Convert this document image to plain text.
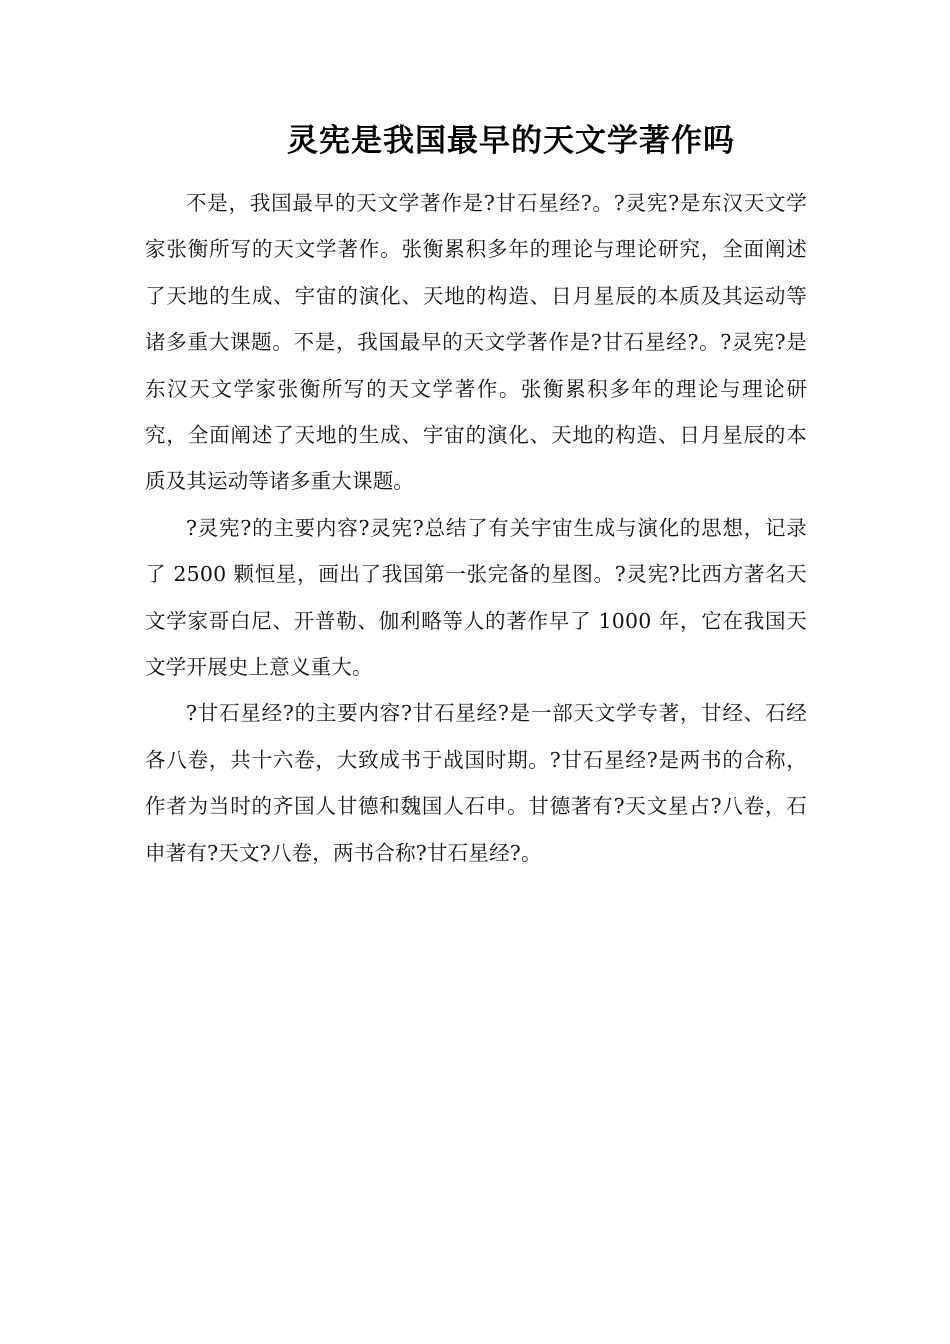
灵宪是我国最早的天文学著作吗

不是，我国最早的天文学著作是?甘石星经?。?灵宪?是东汉天文学家张衡所写的天文学著作。张衡累积多年的理论与理论研究，全面阐述了天地的生成、宇宙的演化、天地的构造、日月星辰的本质及其运动等诸多重大课题。不是，我国最早的天文学著作是?甘石星经?。?灵宪?是东汉天文学家张衡所写的天文学著作。张衡累积多年的理论与理论研究，全面阐述了天地的生成、宇宙的演化、天地的构造、日月星辰的本质及其运动等诸多重大课题。

?灵宪?的主要内容?灵宪?总结了有关宇宙生成与演化的思想，记录了 2500 颗恒星，画出了我国第一张完备的星图。?灵宪?比西方著名天文学家哥白尼、开普勒、伽利略等人的著作早了 1000 年，它在我国天文学开展史上意义重大。

?甘石星经?的主要内容?甘石星经?是一部天文学专著，甘经、石经各八卷，共十六卷，大致成书于战国时期。?甘石星经?是两书的合称，作者为当时的齐国人甘德和魏国人石申。甘德著有?天文星占?八卷，石申著有?天文?八卷，两书合称?甘石星经?。
